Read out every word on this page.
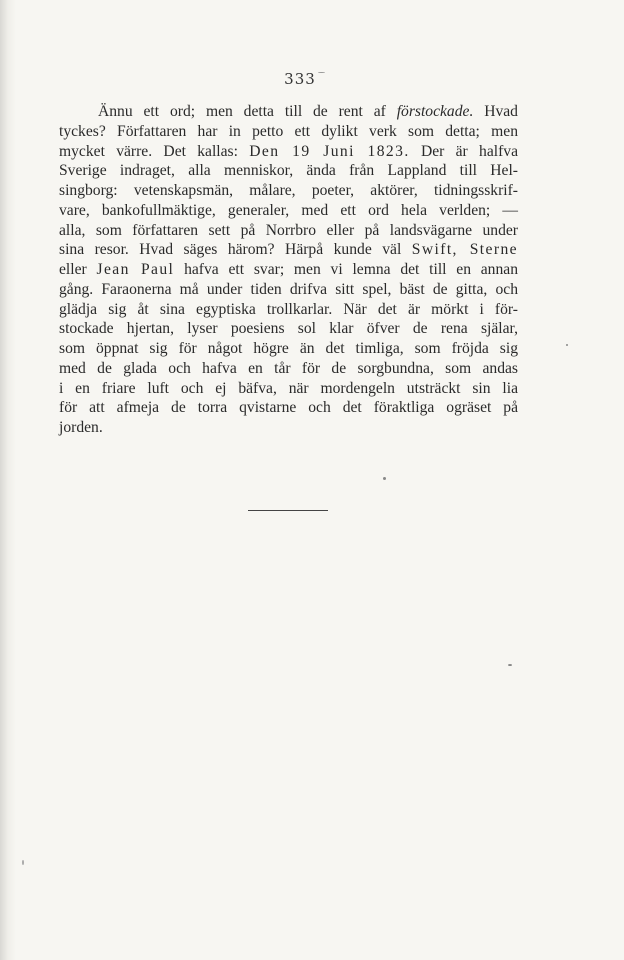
333
Ännu ett ord; men detta till de rent af förstockade. Hvad
tyckes? Författaren har in petto ett dylikt verk som detta; men
mycket värre. Det kallas: Den 19 Juni 1823. Der är halfva
Sverige indraget, alla menniskor, ända från Lappland till Hel-
singborg: vetenskapsmän, målare, poeter, aktörer, tidningsskrif-
vare, bankofullmäktige, generaler, med ett ord hela verlden; —
alla, som författaren sett på Norrbro eller på landsvägarne under
sina resor. Hvad säges härom? Härpå kunde väl Swift, Sterne
eller Jean Paul hafva ett svar; men vi lemna det till en annan
gång. Faraonerna må under tiden drifva sitt spel, bäst de gitta, och
glädja sig åt sina egyptiska trollkarlar. När det är mörkt i för-
stockade hjertan, lyser poesiens sol klar öfver de rena själar,
som öppnat sig för något högre än det timliga, som fröjda sig
med de glada och hafva en tår för de sorgbundna, som andas
i en friare luft och ej bäfva, när mordengeln utsträckt sin lia
för att afmeja de torra qvistarne och det föraktliga ogräset på
jorden.
